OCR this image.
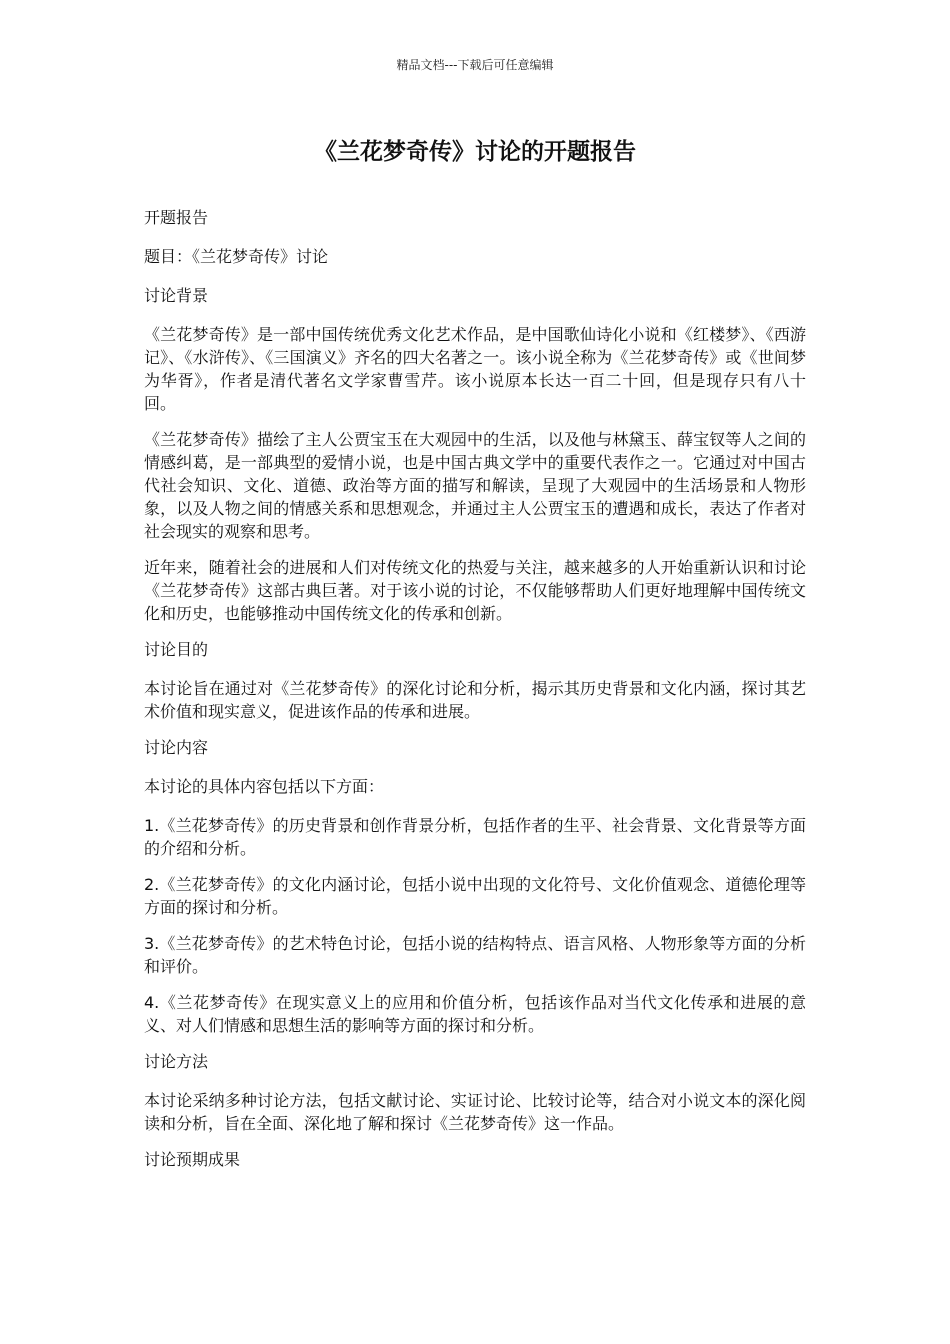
精品文档---下载后可任意编辑
《兰花梦奇传》讨论的开题报告

开题报告

题目：《兰花梦奇传》讨论

讨论背景

《兰花梦奇传》是一部中国传统优秀文化艺术作品，是中国歌仙诗化小说和《红楼梦》、《西游记》、《水浒传》、《三国演义》齐名的四大名著之一。该小说全称为《兰花梦奇传》或《世间梦为华胥》，作者是清代著名文学家曹雪芹。该小说原本长达一百二十回，但是现存只有八十回。

《兰花梦奇传》描绘了主人公贾宝玉在大观园中的生活，以及他与林黛玉、薛宝钗等人之间的情感纠葛，是一部典型的爱情小说，也是中国古典文学中的重要代表作之一。它通过对中国古代社会知识、文化、道德、政治等方面的描写和解读，呈现了大观园中的生活场景和人物形象，以及人物之间的情感关系和思想观念，并通过主人公贾宝玉的遭遇和成长，表达了作者对社会现实的观察和思考。

近年来，随着社会的进展和人们对传统文化的热爱与关注，越来越多的人开始重新认识和讨论《兰花梦奇传》这部古典巨著。对于该小说的讨论，不仅能够帮助人们更好地理解中国传统文化和历史，也能够推动中国传统文化的传承和创新。

讨论目的

本讨论旨在通过对《兰花梦奇传》的深化讨论和分析，揭示其历史背景和文化内涵，探讨其艺术价值和现实意义，促进该作品的传承和进展。

讨论内容

本讨论的具体内容包括以下方面：

1.《兰花梦奇传》的历史背景和创作背景分析，包括作者的生平、社会背景、文化背景等方面的介绍和分析。

2.《兰花梦奇传》的文化内涵讨论，包括小说中出现的文化符号、文化价值观念、道德伦理等方面的探讨和分析。

3.《兰花梦奇传》的艺术特色讨论，包括小说的结构特点、语言风格、人物形象等方面的分析和评价。

4.《兰花梦奇传》在现实意义上的应用和价值分析，包括该作品对当代文化传承和进展的意义、对人们情感和思想生活的影响等方面的探讨和分析。

讨论方法

本讨论采纳多种讨论方法，包括文献讨论、实证讨论、比较讨论等，结合对小说文本的深化阅读和分析，旨在全面、深化地了解和探讨《兰花梦奇传》这一作品。

讨论预期成果
